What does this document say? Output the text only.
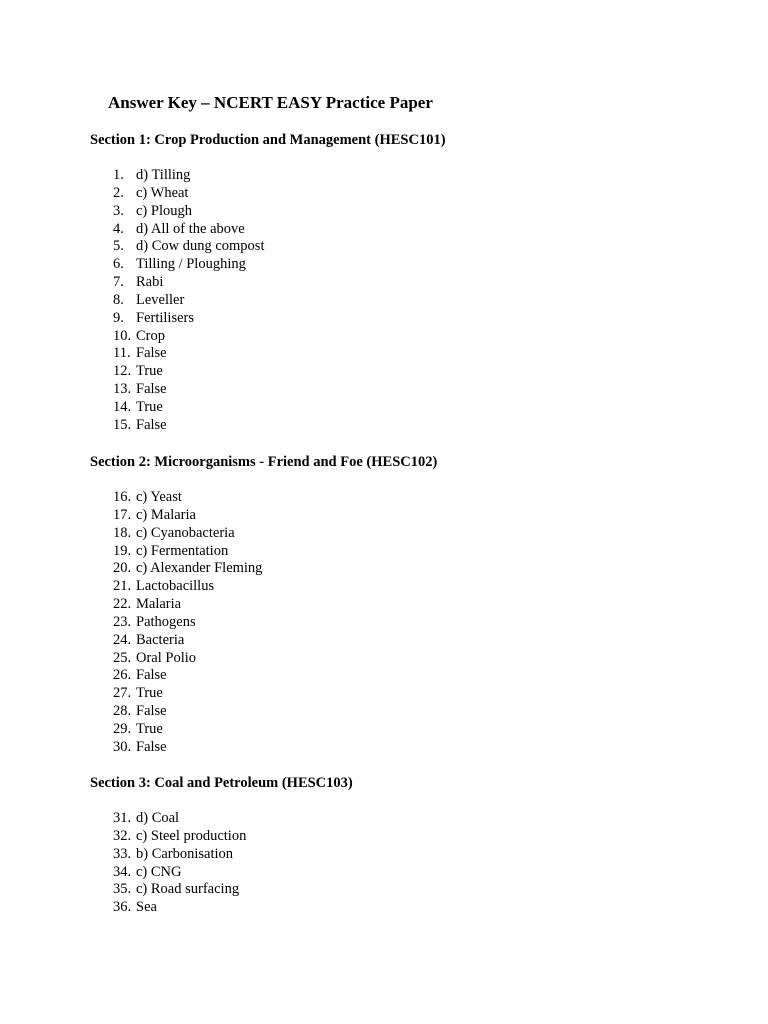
Answer Key – NCERT EASY Practice Paper
Section 1: Crop Production and Management (HESC101)
1. d) Tilling
2. c) Wheat
3. c) Plough
4. d) All of the above
5. d) Cow dung compost
6. Tilling / Ploughing
7. Rabi
8. Leveller
9. Fertilisers
10. Crop
11. False
12. True
13. False
14. True
15. False
Section 2: Microorganisms - Friend and Foe (HESC102)
16. c) Yeast
17. c) Malaria
18. c) Cyanobacteria
19. c) Fermentation
20. c) Alexander Fleming
21. Lactobacillus
22. Malaria
23. Pathogens
24. Bacteria
25. Oral Polio
26. False
27. True
28. False
29. True
30. False
Section 3: Coal and Petroleum (HESC103)
31. d) Coal
32. c) Steel production
33. b) Carbonisation
34. c) CNG
35. c) Road surfacing
36. Sea
